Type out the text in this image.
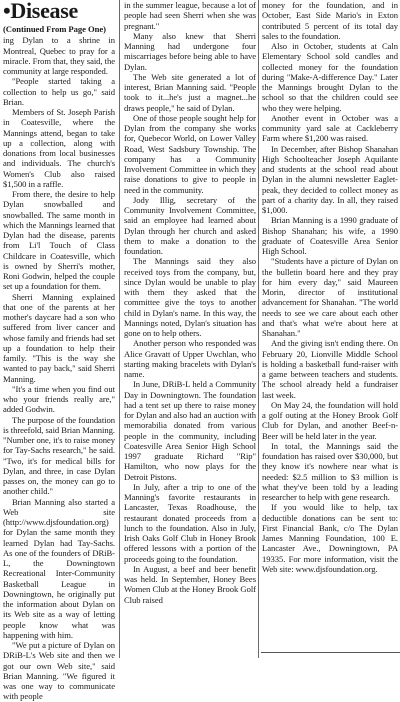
•Disease
(Continued From Page One)

ing Dylan to a shrine in Montreal, Quebec to pray for a miracle. From that, they said, the community at large responded.

"People started taking a collection to help us go," said Brian.

Members of St. Joseph Parish in Coatesville, where the Mannings attend, began to take up a collection, along with donations from local businesses and individuals. The church's Women's Club also raised $1,500 in a raffle.

From there, the desire to help Dylan snowballed and snowballed. The same month in which the Mannings learned that Dylan had the disease, parents from Li'l Touch of Class Childcare in Coatesville, which is owned by Sherri's mother, Roni Godwin, helped the couple set up a foundation for them.

Sherri Manning explained that one of the parents at her mother's daycare had a son who suffered from liver cancer and whose family and friends had set up a foundation to help their family. "This is the way she wanted to pay back," said Sherri Manning.

"It's a time when you find out who your friends really are," added Godwin.

The purpose of the foundation is threefold, said Brian Manning. "Number one, it's to raise money for Tay-Sachs research," he said. "Two, it's for medical bills for Dylan, and three, in case Dylan passes on, the money can go to another child."

Brian Manning also started a Web site (http://www.djsfoundation.org) for Dylan the same month they learned Dylan had Tay-Sachs. As one of the founders of DRiB-L, the Downingtown Recreational Inter-Community Basketball League in Downingtown, he originally put the information about Dylan on its Web site as a way of letting people know what was happening with him.

"We put a picture of Dylan on DRiB-L's Web site and then we got our own Web site," said Brian Manning. "We figured it was one way to communicate with people

in the summer league, because a lot of people had seen Sherri when she was pregnant."

Many also knew that Sherri Manning had undergone four miscarriages before being able to have Dylan.

The Web site generated a lot of interest, Brian Manning said. "People took to it...he's just a magnet...he draws people," he said of Dylan.

One of those people sought help for Dylan from the company she works for, Quebecor World, on Lower Valley Road, West Sadsbury Township. The company has a Community Involvement Committee in which they raise donations to give to people in need in the community.

Jody Illig, secretary of the Community Involvement Committee, said an employee had learned about Dylan through her church and asked them to make a donation to the foundation.

The Mannings said they also received toys from the company, but, since Dylan would be unable to play with them they asked that the committee give the toys to another child in Dylan's name. In this way, the Mannings noted, Dylan's situation has gone on to help others.

Another person who responded was Alice Gravatt of Upper Uwchlan, who starting making bracelets with Dylan's name.

In June, DRiB-L held a Community Day in Downingtown. The foundation had a tent set up there to raise money for Dylan and also had an auction with memorabilia donated from various people in the community, including Coatesville Area Senior High School 1997 graduate Richard "Rip" Hamilton, who now plays for the Detroit Pistons.

In July, after a trip to one of the Manning's favorite restaurants in Lancaster, Texas Roadhouse, the restaurant donated proceeds from a lunch to the foundation. Also in July, Irish Oaks Golf Club in Honey Brook offered lessons with a portion of the proceeds going to the foundation.

In August, a beef and beer benefit was held. In September, Honey Bees Women Club at the Honey Brook Golf Club raised

money for the foundation, and in October, East Side Mario's in Exton contributed 5 percent of its total day sales to the foundation.

Also in October, students at Caln Elementary School sold candles and collected money for the foundation during "Make-A-difference Day." Later the Mannings brought Dylan to the school so that the children could see who they were helping.

Another event in October was a community yard sale at Cackleberry Farm where $1,200 was raised.

In December, after Bishop Shanahan High Schoolteacher Joseph Aquilante and students at the school read about Dylan in the alumni newsletter Eaglet-peak, they decided to collect money as part of a charity day. In all, they raised $1,000.

Brian Manning is a 1990 graduate of Bishop Shanahan; his wife, a 1990 graduate of Coatesville Area Senior High School.

"Students have a picture of Dylan on the bulletin board here and they pray for him every day," said Maureen Morin, director of institutional advancement for Shanahan. "The world needs to see we care about each other and that's what we're about here at Shanahan."

And the giving isn't ending there. On February 20, Lionville Middle School is holding a basketball fund-raiser with a game between teachers and students. The school already held a fundraiser last week.

On May 24, the foundation will hold a golf outing at the Honey Brook Golf Club for Dylan, and another Beef-n-Beer will be held later in the year.

In total, the Mannings said the foundation has raised over $30,000, but they know it's nowhere near what is needed: $2.5 million to $3 million is what they've been told by a leading researcher to help with gene research.

If you would like to help, tax deductible donations can be sent to: First Financial Bank, c/o The Dylan James Manning Foundation, 100 E. Lancaster Ave., Downingtown, PA 19335. For more information, visit the Web site: www.djsfoundation.org.
